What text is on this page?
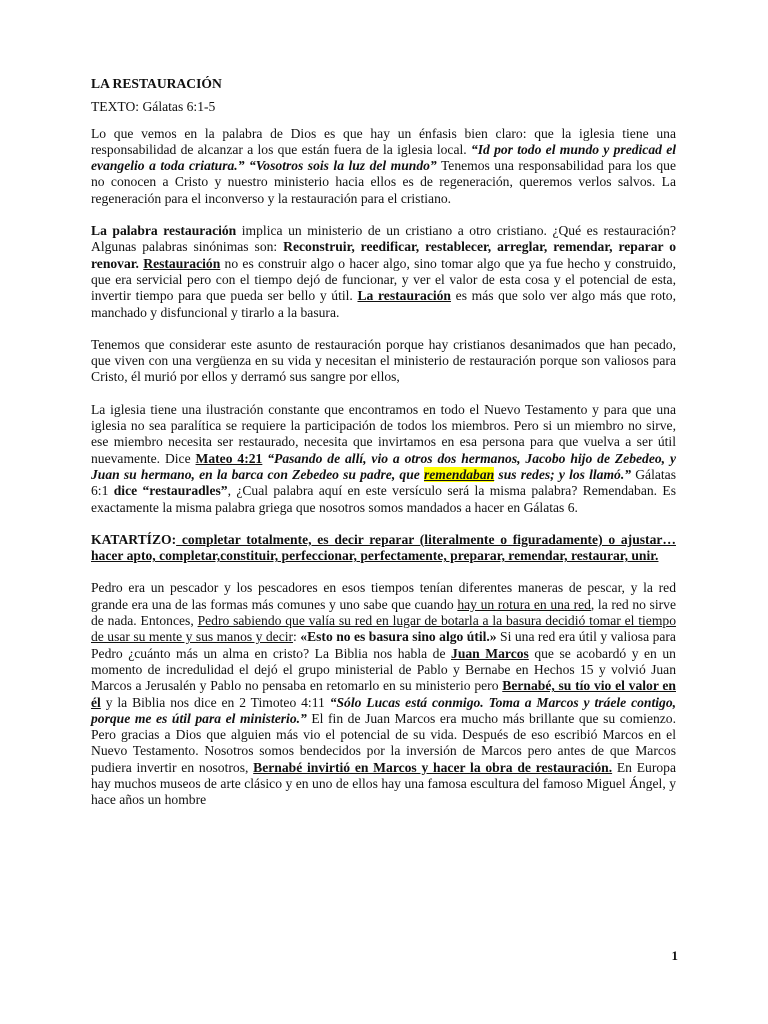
LA RESTAURACIÓN
TEXTO: Gálatas 6:1-5
Lo que vemos en la palabra de Dios es que hay un énfasis bien claro: que la iglesia tiene una responsabilidad de alcanzar a los que están fuera de la iglesia local. “Id por todo el mundo y predicad el evangelio a toda criatura.” “Vosotros sois la luz del mundo” Tenemos una responsabilidad para los que no conocen a Cristo y nuestro ministerio hacia ellos es de regeneración, queremos verlos salvos. La regeneración para el inconverso y la restauración para el cristiano.
La palabra restauración implica un ministerio de un cristiano a otro cristiano. ¿Qué es restauración? Algunas palabras sinónimas son: Reconstruir, reedificar, restablecer, arreglar, remendar, reparar o renovar. Restauración no es construir algo o hacer algo, sino tomar algo que ya fue hecho y construido, que era servicial pero con el tiempo dejó de funcionar, y ver el valor de esta cosa y el potencial de esta, invertir tiempo para que pueda ser bello y útil. La restauración es más que solo ver algo más que roto, manchado y disfuncional y tirarlo a la basura.
Tenemos que considerar este asunto de restauración porque hay cristianos desanimados que han pecado, que viven con una vergüenza en su vida y necesitan el ministerio de restauración porque son valiosos para Cristo, él murió por ellos y derramó sus sangre por ellos,
La iglesia tiene una ilustración constante que encontramos en todo el Nuevo Testamento y para que una iglesia no sea paralítica se requiere la participación de todos los miembros. Pero si un miembro no sirve, ese miembro necesita ser restaurado, necesita que invirtamos en esa persona para que vuelva a ser útil nuevamente. Dice Mateo 4:21 “Pasando de allí, vio a otros dos hermanos, Jacobo hijo de Zebedeo, y Juan su hermano, en la barca con Zebedeo su padre, que remendaban sus redes; y los llamó.” Gálatas 6:1 dice “restauradles”, ¿Cual palabra aquí en este versículo será la misma palabra? Remendaban. Es exactamente la misma palabra griega que nosotros somos mandados a hacer en Gálatas 6.
KATARTÍZO: completar totalmente, es decir reparar (literalmente o figuradamente) o ajustar…hacer apto, completar,constituir, perfeccionar, perfectamente, preparar, remendar, restaurar, unir.
Pedro era un pescador y los pescadores en esos tiempos tenían diferentes maneras de pescar, y la red grande era una de las formas más comunes y uno sabe que cuando hay un rotura en una red, la red no sirve de nada. Entonces, Pedro sabiendo que valía su red en lugar de botarla a la basura decidió tomar el tiempo de usar su mente y sus manos y decir: «Esto no es basura sino algo útil.» Si una red era útil y valiosa para Pedro ¿cuánto más un alma en cristo? La Biblia nos habla de Juan Marcos que se acobardó y en un momento de incredulidad el dejó el grupo ministerial de Pablo y Bernabe en Hechos 15 y volvió Juan Marcos a Jerusalén y Pablo no pensaba en retomarlo en su ministerio pero Bernabé, su tío vio el valor en él y la Biblia nos dice en 2 Timoteo 4:11 “Sólo Lucas está conmigo. Toma a Marcos y tráele contigo, porque me es útil para el ministerio.” El fin de Juan Marcos era mucho más brillante que su comienzo. Pero gracias a Dios que alguien más vio el potencial de su vida. Después de eso escribió Marcos en el Nuevo Testamento. Nosotros somos bendecidos por la inversión de Marcos pero antes de que Marcos pudiera invertir en nosotros, Bernabé invirtió en Marcos y hacer la obra de restauración. En Europa hay muchos museos de arte clásico y en uno de ellos hay una famosa escultura del famoso Miguel Ángel, y hace años un hombre
1
